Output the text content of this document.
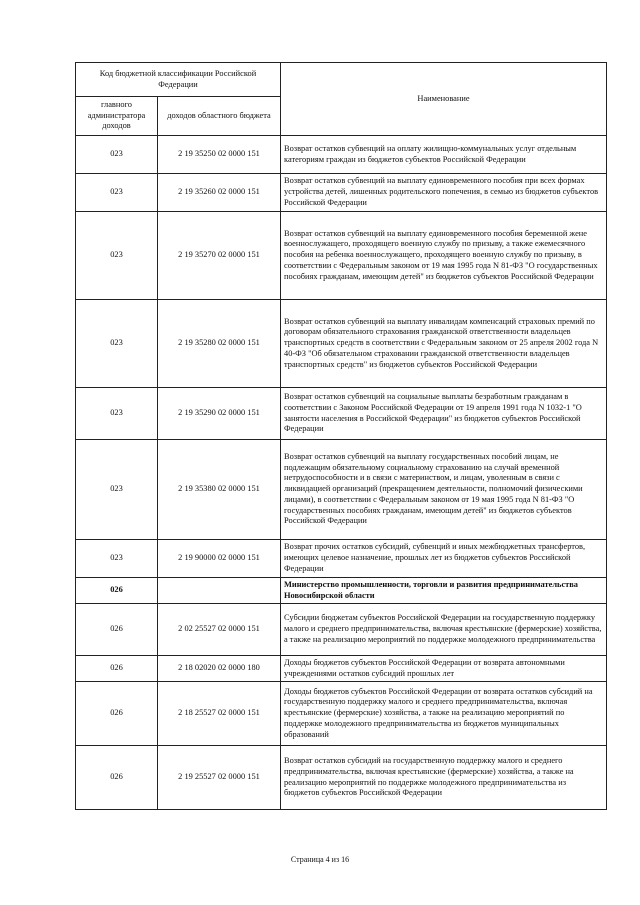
Код бюджетной классификации Российской Федерации		Наименование
главного администратора доходов	доходов областного бюджета	
023	2 19 35250 02 0000 151	Возврат остатков субвенций на оплату жилищно-коммунальных услуг отдельным категориям граждан из бюджетов субъектов Российской Федерации
023	2 19 35260 02 0000 151	Возврат остатков субвенций на выплату единовременного пособия при всех формах устройства детей, лишенных родительского попечения, в семью из бюджетов субъектов Российской Федерации
023	2 19 35270 02 0000 151	Возврат остатков субвенций на выплату единовременного пособия беременной жене военнослужащего, проходящего военную службу по призыву, а также ежемесячного пособия на ребенка военнослужащего, проходящего военную службу по призыву, в соответствии с Федеральным законом от 19 мая 1995 года N 81-ФЗ "О государственных пособиях гражданам, имеющим детей" из бюджетов субъектов Российской Федерации
023	2 19 35280 02 0000 151	Возврат остатков субвенций на выплату инвалидам компенсаций страховых премий по договорам обязательного страхования гражданской ответственности владельцев транспортных средств в соответствии с Федеральным законом от 25 апреля 2002 года N 40-ФЗ "Об обязательном страховании гражданской ответственности владельцев транспортных средств" из бюджетов субъектов Российской Федерации
023	2 19 35290 02 0000 151	Возврат остатков субвенций на социальные выплаты безработным гражданам в соответствии с Законом Российской Федерации от 19 апреля 1991 года N 1032-1 "О занятости населения в Российской Федерации" из бюджетов субъектов Российской Федерации
023	2 19 35380 02 0000 151	Возврат остатков субвенций на выплату государственных пособий лицам, не подлежащим обязательному социальному страхованию на случай временной нетрудоспособности и в связи с материнством, и лицам, уволенным в связи с ликвидацией организаций (прекращением деятельности, полномочий физическими лицами), в соответствии с Федеральным законом от 19 мая 1995 года N 81-ФЗ "О государственных пособиях гражданам, имеющим детей" из бюджетов субъектов Российской Федерации
023	2 19 90000 02 0000 151	Возврат прочих остатков субсидий, субвенций и иных межбюджетных трансфертов, имеющих целевое назначение, прошлых лет из бюджетов субъектов Российской Федерации
026		Министерство промышленности, торговли и развития предпринимательства Новосибирской области
026	2 02 25527 02 0000 151	Субсидии бюджетам субъектов Российской Федерации на государственную поддержку малого и среднего предпринимательства, включая крестьянские (фермерские) хозяйства, а также на реализацию мероприятий по поддержке молодежного предпринимательства
026	2 18 02020 02 0000 180	Доходы бюджетов субъектов Российской Федерации от возврата автономными учреждениями остатков субсидий прошлых лет
026	2 18 25527 02 0000 151	Доходы бюджетов субъектов Российской Федерации от возврата остатков субсидий на государственную поддержку малого и среднего предпринимательства, включая крестьянские (фермерские) хозяйства, а также на реализацию мероприятий по поддержке молодежного предпринимательства из бюджетов муниципальных образований
026	2 19 25527 02 0000 151	Возврат остатков субсидий на государственную поддержку малого и среднего предпринимательства, включая крестьянские (фермерские) хозяйства, а также на реализацию мероприятий по поддержке молодежного предпринимательства из бюджетов субъектов Российской Федерации
Страница 4 из 16
